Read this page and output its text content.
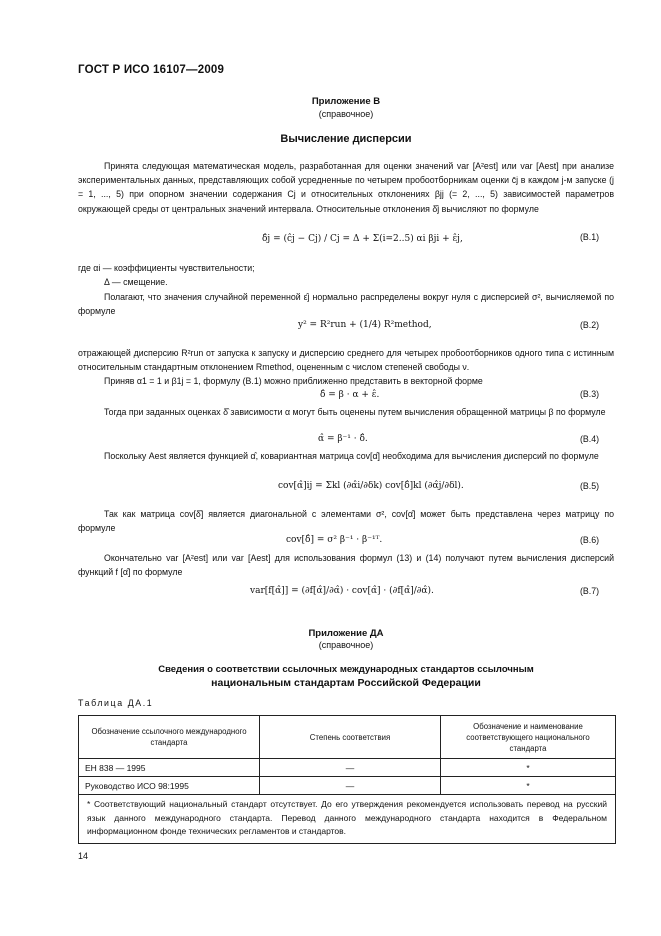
ГОСТ Р ИСО 16107—2009
Приложение В
(справочное)
Вычисление дисперсии
Принята следующая математическая модель, разработанная для оценки значений var [A²est] или var [Aest] при анализе экспериментальных данных, представляющих собой усредненные по четырем пробоотборникам оценки c̄j в каждом j-м запуске (j = 1, ..., 5) при опорном значении содержания Cj и относительных отклонениях βjj (= 2, ..., 5) зависимостей параметров окружающей среды от центральных значений интервала. Относительные отклонения δ̂j вычисляют по формуле
δ̂j = (ĉj − Cj) / Cj = Δ + Σ(i=2..5) αi βji + ε̂j,	(B.1)
где αi — коэффициенты чувствительности;
Δ — смещение.
Полагают, что значения случайной переменной ε̂j нормально распределены вокруг нуля с дисперсией σ², вычисляемой по формуле
y² = R²run + (1/4) R²method,	(B.2)
отражающей дисперсию R²run от запуска к запуску и дисперсию среднего для четырех пробоотборников одного типа с истинным относительным стандартным отклонением Rmethod, оцененным с числом степеней свободы ν.
Приняв α1 = 1 и β1j = 1, формулу (B.1) можно приближенно представить в векторной форме
δ̂ = β · α + ε̂.	(B.3)
Тогда при заданных оценках δ̂ зависимости α могут быть оценены путем вычисления обращенной матрицы β по формуле
α̂ = β⁻¹ · δ̂.	(B.4)
Поскольку Aest является функцией α̂, ковариантная матрица cov[α̂] необходима для вычисления дисперсий по формуле
cov[α̂]ij = Σkl (∂α̂i/∂δk) cov[δ̂]kl (∂α̂j/∂δl).	(B.5)
Так как матрица cov[δ̂] является диагональной с элементами σ², cov[α̂] может быть представлена через матрицу по формуле
cov[δ̂] = σ² β⁻¹ · β⁻¹ᵀ.	(B.6)
Окончательно var [A²est] или var [Aest] для использования формул (13) и (14) получают путем вычисления дисперсий функций f [α̂] по формуле
var[f[α̂]] = (∂f[α̂]/∂α̂) · cov[α̂] · (∂f[α̂]/∂α̂).	(B.7)
Приложение ДА
(справочное)
Сведения о соответствии ссылочных международных стандартов ссылочным
национальным стандартам Российской Федерации
Таблица ДА.1
Обозначение ссылочного международного стандарта	Степень соответствия	Обозначение и наименование соответствующего национального стандарта
ЕН 838 — 1995	—	*
Руководство ИСО 98:1995	—	*
* Соответствующий национальный стандарт отсутствует. До его утверждения рекомендуется использовать перевод на русский язык данного международного стандарта. Перевод данного международного стандарта находится в Федеральном информационном фонде технических регламентов и стандартов.		
14
